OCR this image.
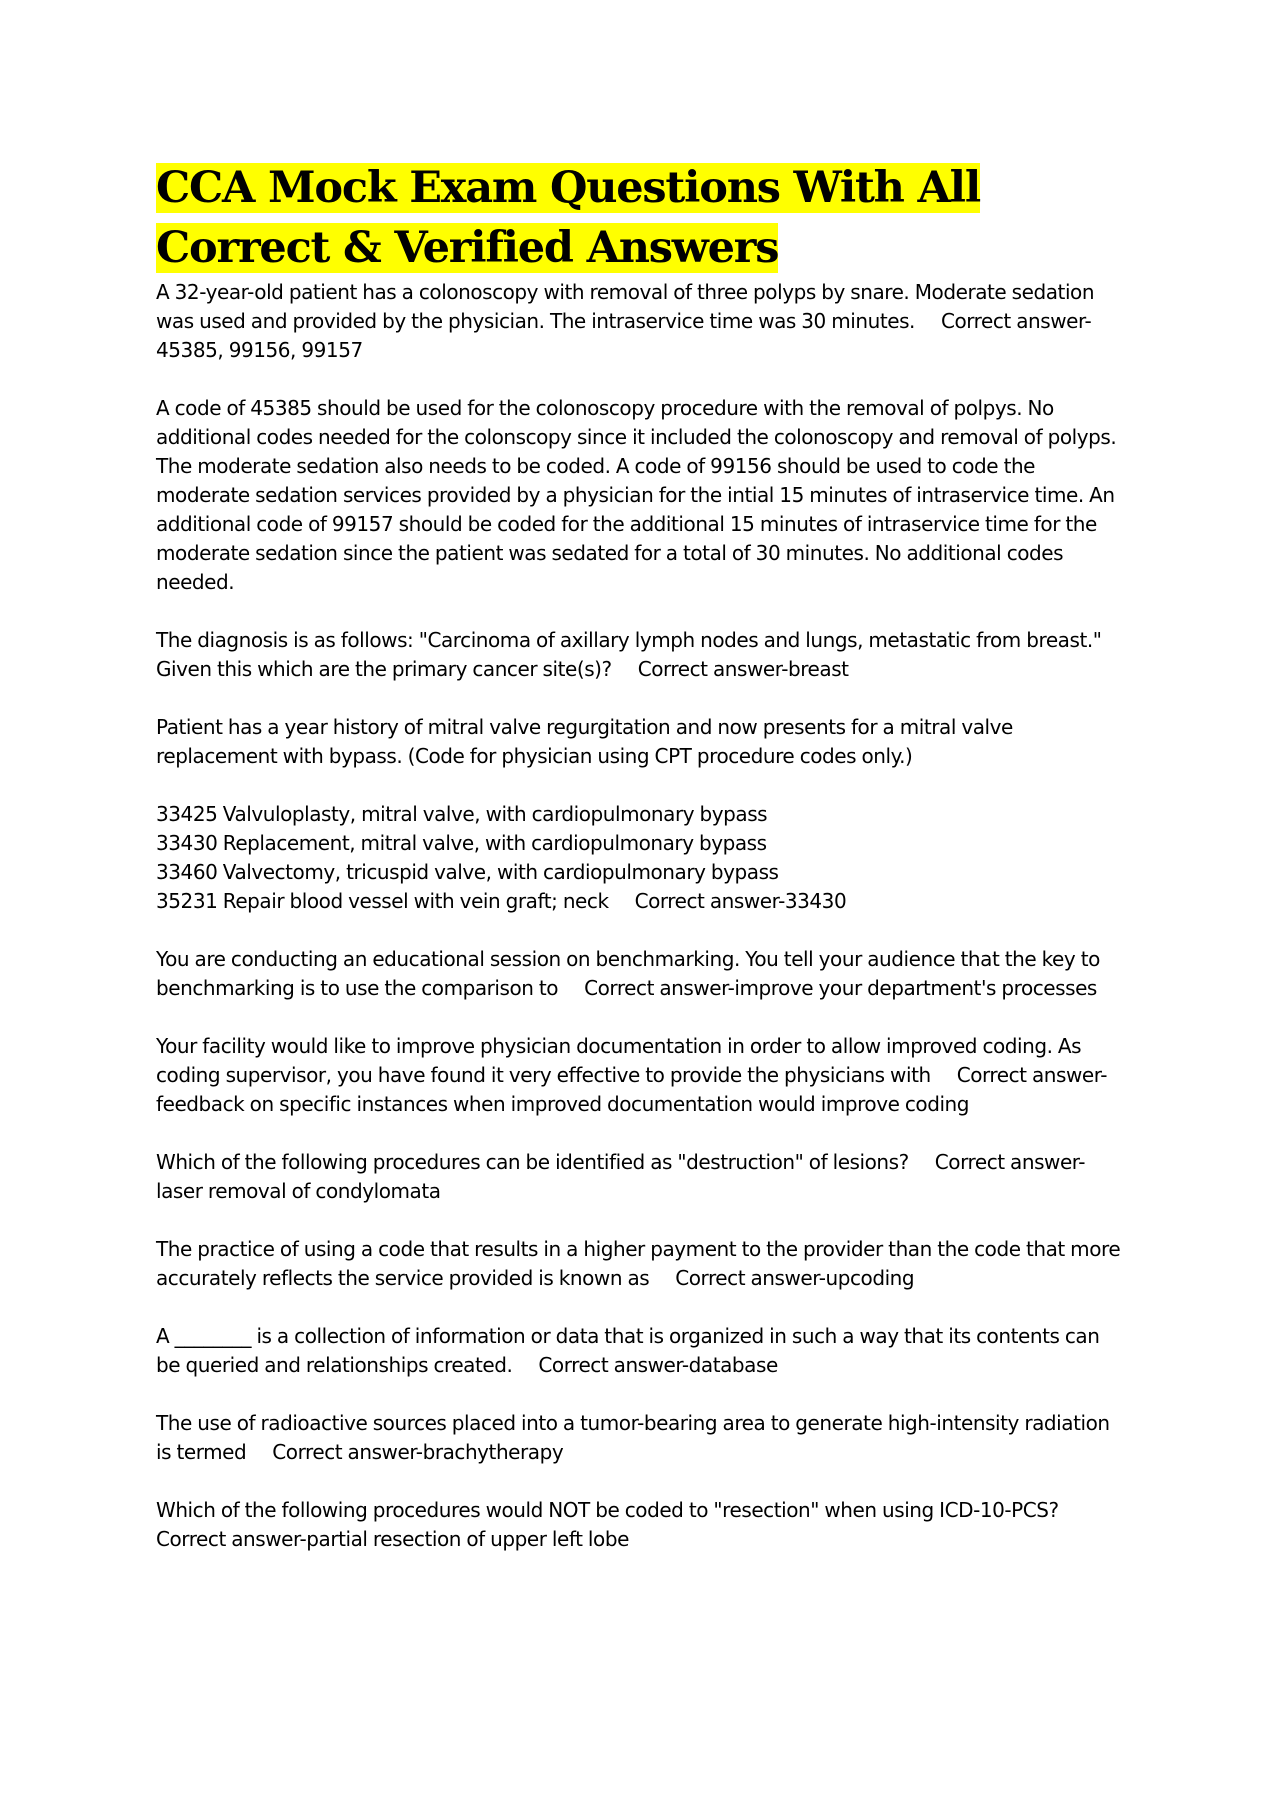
CCA Mock Exam Questions With All
Correct & Verified Answers

A 32-year-old patient has a colonoscopy with removal of three polyps by snare. Moderate sedation
was used and provided by the physician. The intraservice time was 30 minutes. Correct answer-
45385, 99156, 99157

A code of 45385 should be used for the colonoscopy procedure with the removal of polpys. No
additional codes needed for the colonscopy since it included the colonoscopy and removal of polyps.
The moderate sedation also needs to be coded. A code of 99156 should be used to code the
moderate sedation services provided by a physician for the intial 15 minutes of intraservice time. An
additional code of 99157 should be coded for the additional 15 minutes of intraservice time for the
moderate sedation since the patient was sedated for a total of 30 minutes. No additional codes
needed.

The diagnosis is as follows: "Carcinoma of axillary lymph nodes and lungs, metastatic from breast."
Given this which are the primary cancer site(s)? Correct answer-breast

Patient has a year history of mitral valve regurgitation and now presents for a mitral valve
replacement with bypass. (Code for physician using CPT procedure codes only.)

33425 Valvuloplasty, mitral valve, with cardiopulmonary bypass
33430 Replacement, mitral valve, with cardiopulmonary bypass
33460 Valvectomy, tricuspid valve, with cardiopulmonary bypass
35231 Repair blood vessel with vein graft; neck Correct answer-33430

You are conducting an educational session on benchmarking. You tell your audience that the key to
benchmarking is to use the comparison to Correct answer-improve your department's processes

Your facility would like to improve physician documentation in order to allow improved coding. As
coding supervisor, you have found it very effective to provide the physicians with Correct answer-
feedback on specific instances when improved documentation would improve coding

Which of the following procedures can be identified as "destruction" of lesions? Correct answer-
laser removal of condylomata

The practice of using a code that results in a higher payment to the provider than the code that more
accurately reflects the service provided is known as Correct answer-upcoding

A ________ is a collection of information or data that is organized in such a way that its contents can
be queried and relationships created. Correct answer-database

The use of radioactive sources placed into a tumor-bearing area to generate high-intensity radiation
is termed Correct answer-brachytherapy

Which of the following procedures would NOT be coded to "resection" when using ICD-10-PCS?
Correct answer-partial resection of upper left lobe
